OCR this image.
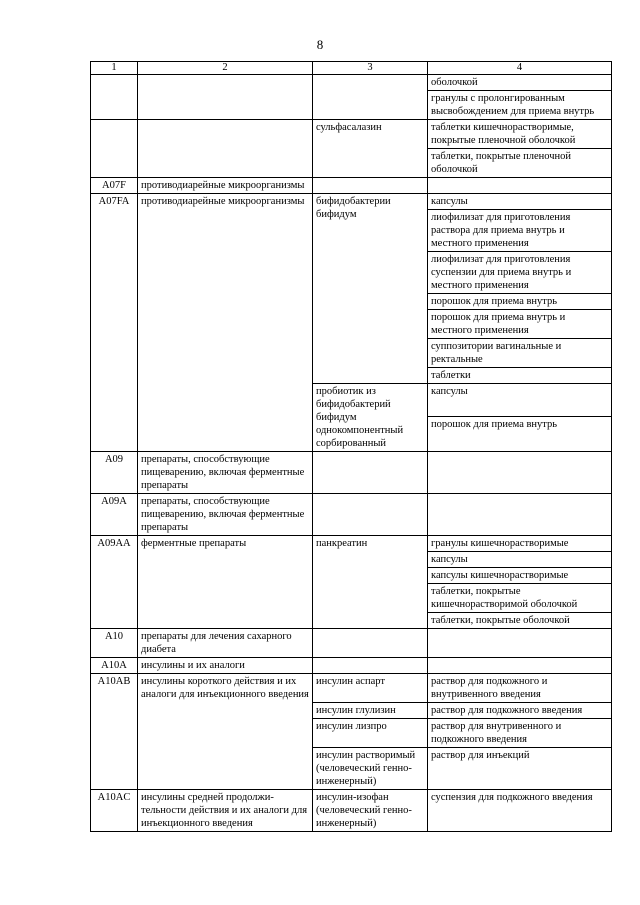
8
1	2	3	4
			оболочкой
			гранулы с пролонгированным высвобождением для приема внутрь
		сульфасалазин	таблетки кишечнорастворимые, покрытые пленочной оболочкой
			таблетки, покрытые пленочной оболочкой
A07F	противодиарейные микроорганизмы		
A07FA	противодиарейные микроорганизмы	бифидобактерии бифидум	капсулы
			лиофилизат для приготовления раствора для приема внутрь и местного применения
			лиофилизат для приготовления суспензии для приема внутрь и местного применения
			порошок для приема внутрь
			порошок для приема внутрь и местного применения
			суппозитории вагинальные и ректальные
			таблетки
		пробиотик из бифидобактерий бифидум однокомпонентный сорбированный	капсулы
			порошок для приема внутрь
A09	препараты, способствующие пищеварению, включая ферментные препараты		
A09A	препараты, способствующие пищеварению, включая ферментные препараты		
A09AA	ферментные препараты	панкреатин	гранулы кишечнорастворимые
			капсулы
			капсулы кишечнорастворимые
			таблетки, покрытые кишечнорастворимой оболочкой
			таблетки, покрытые оболочкой
A10	препараты для лечения сахарного диабета		
A10A	инсулины и их аналоги		
A10AB	инсулины короткого действия и их аналоги для инъекционного введения	инсулин аспарт	раствор для подкожного и внутривенного введения
		инсулин глулизин	раствор для подкожного введения
		инсулин лизпро	раствор для внутривенного и подкожного введения
		инсулин растворимый (человеческий генно-инженерный)	раствор для инъекций
A10AC	инсулины средней продолжи-тельности действия и их аналоги для инъекционного введения	инсулин-изофан (человеческий генно-инженерный)	суспензия для подкожного введения
